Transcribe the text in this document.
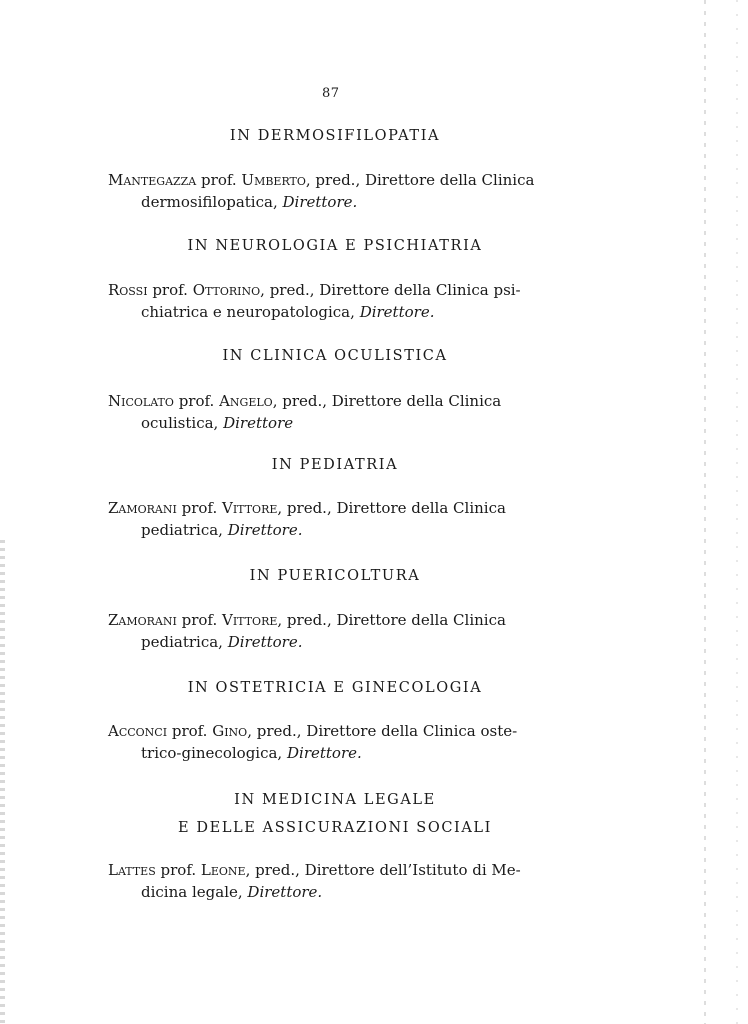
87
IN DERMOSIFILOPATIA
Mantegazza prof. Umberto, pred., Direttore della Clinica
dermosifilopatica, Direttore.
IN NEUROLOGIA E PSICHIATRIA
Rossi prof. Ottorino, pred., Direttore della Clinica psi-
chiatrica e neuropatologica, Direttore.
IN CLINICA OCULISTICA
Nicolato prof. Angelo, pred., Direttore della Clinica
oculistica, Direttore
IN PEDIATRIA
Zamorani prof. Vittore, pred., Direttore della Clinica
pediatrica, Direttore.
IN PUERICOLTURA
Zamorani prof. Vittore, pred., Direttore della Clinica
pediatrica, Direttore.
IN OSTETRICIA E GINECOLOGIA
Acconci prof. Gino, pred., Direttore della Clinica oste-
trico-ginecologica, Direttore.
IN MEDICINA LEGALE
E DELLE ASSICURAZIONI SOCIALI
Lattes prof. Leone, pred., Direttore dell’Istituto di Me-
dicina legale, Direttore.
